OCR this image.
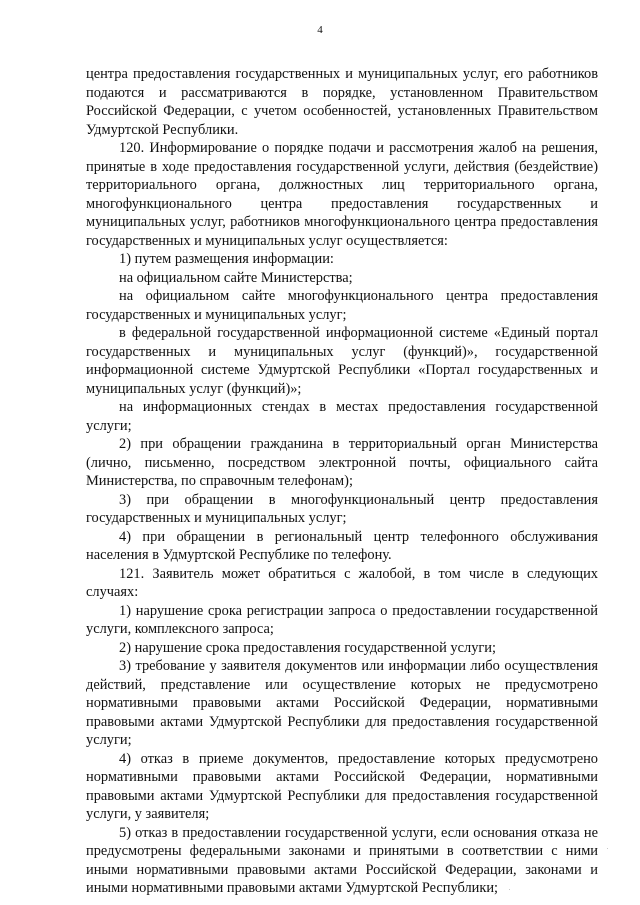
4

центра предоставления государственных и муниципальных услуг, его работников подаются и рассматриваются в порядке, установленном Правительством Российской Федерации, с учетом особенностей, установленных Правительством Удмуртской Республики.

120. Информирование о порядке подачи и рассмотрения жалоб на решения, принятые в ходе предоставления государственной услуги, действия (бездействие) территориального органа, должностных лиц территориального органа, многофункционального центра предоставления государственных и муниципальных услуг, работников многофункционального центра предоставления государственных и муниципальных услуг осуществляется:

1) путем размещения информации:

на официальном сайте Министерства;

на официальном сайте многофункционального центра предоставления государственных и муниципальных услуг;

в федеральной государственной информационной системе «Единый портал государственных и муниципальных услуг (функций)», государственной информационной системе Удмуртской Республики «Портал государственных и муниципальных услуг (функций)»;

на информационных стендах в местах предоставления государственной услуги;

2) при обращении гражданина в территориальный орган Министерства (лично, письменно, посредством электронной почты, официального сайта Министерства, по справочным телефонам);

3) при обращении в многофункциональный центр предоставления государственных и муниципальных услуг;

4) при обращении в региональный центр телефонного обслуживания населения в Удмуртской Республике по телефону.

121. Заявитель может обратиться с жалобой, в том числе в следующих случаях:

1) нарушение срока регистрации запроса о предоставлении государственной услуги, комплексного запроса;

2) нарушение срока предоставления государственной услуги;

3) требование у заявителя документов или информации либо осуществления действий, представление или осуществление которых не предусмотрено нормативными правовыми актами Российской Федерации, нормативными правовыми актами Удмуртской Республики для предоставления государственной услуги;

4) отказ в приеме документов, предоставление которых предусмотрено нормативными правовыми актами Российской Федерации, нормативными правовыми актами Удмуртской Республики для предоставления государственной услуги, у заявителя;

5) отказ в предоставлении государственной услуги, если основания отказа не предусмотрены федеральными законами и принятыми в соответствии с ними иными нормативными правовыми актами Российской Федерации, законами и иными нормативными правовыми актами Удмуртской Республики;
